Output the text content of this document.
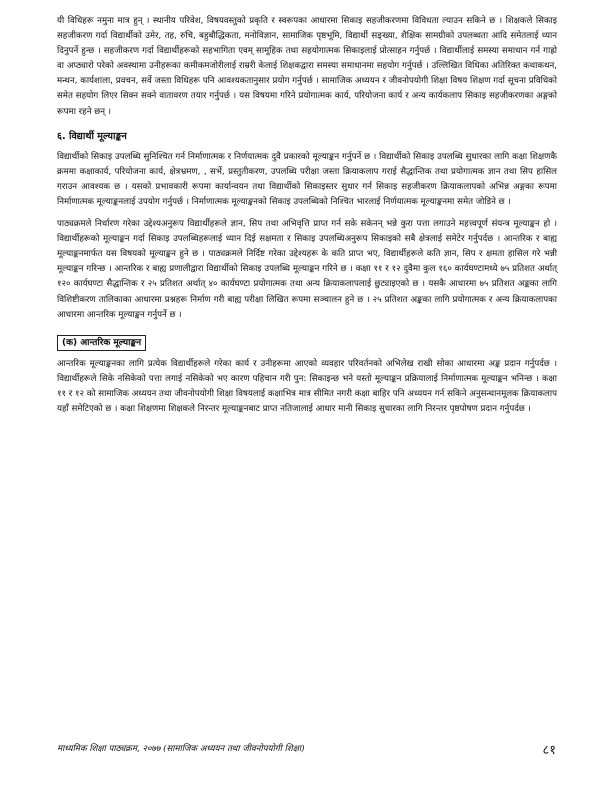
यी विधिहरू नमुना मात्र हुन् । स्थानीय परिवेश, विषयवस्तुको प्रकृति र स्वरूपका आधारमा सिकाइ सहजीकरणमा विविधता ल्याउन सकिने छ । शिक्षकले सिकाइ सहजीकरण गर्दा विद्यार्थीको उमेर, तह, रुचि, बहुबौद्धिकता, मनोविज्ञान, सामाजिक पृष्ठभूमि, विद्यार्थी सङ्ख्या, शैक्षिक सामग्रीको उपलब्धता आदि समेतलाई ध्यान दिनुपर्ने हुन्छ । सहजीकरण गर्दा विद्यार्थीहरूको सहभागिता एवम् सामूहिक तथा सहयोगात्मक सिकाइलाई प्रोत्साहन गर्नुपर्छ । विद्यार्थीलाई समस्या समाधान गर्न गाह्रो वा अप्ठ्यारो परेको अवस्थामा उनीहरूका कमीकमजोरीलाई राम्ररी केलाई शिक्षकद्वारा समस्या समाधानमा सहयोग गर्नुपर्छ । उल्लिखित विधिका अतिरिक्त कथाकथन, मन्थन, कार्यशाला, प्रवचन, सर्वे जस्ता विधिहरू पनि आवश्यकतानुसार प्रयोग गर्नुपर्छ । सामाजिक अध्ययन र जीवनोपयोगी शिक्षा विषय शिक्षण गर्दा सूचना प्रविधिको समेत सहयोग लिएर सिक्न सक्ने वातावरण तयार गर्नुपर्छ । यस विषयमा गरिने प्रयोगात्मक कार्य, परियोजना कार्य र अन्य कार्यकलाप सिकाइ सहजीकरणका अङ्गको रूपमा रहने छन् ।

६. विद्यार्थी मूल्याङ्कन

विद्यार्थीको सिकाइ उपलब्धि सुनिश्चित गर्न निर्माणात्मक र निर्णयात्मक दुवै प्रकारको मूल्याङ्कन गर्नुपर्ने छ । विद्यार्थीको सिकाइ उपलब्धि सुधारका लागि कक्षा शिक्षणकै क्रममा कक्षाकार्य, परियोजना कार्य, क्षेत्रभ्रमण, , सर्भे, प्रस्तुतीकरण, उपलब्धि परीक्षा जस्ता क्रियाकलाप गराई सैद्धान्तिक तथा प्रयोगात्मक ज्ञान तथा सिप हासिल गराउन आवश्यक छ । यसको प्रभावकारी रूपमा कार्यान्वयन तथा विद्यार्थीको सिकाइस्तर सुधार गर्न सिकाइ सहजीकरण क्रियाकलापको अभिन्न अङ्गका रूपमा निर्माणात्मक मूल्याङ्कनलाई उपयोग गर्नुपर्छ । निर्माणात्मक मूल्याङ्कनको सिकाइ उपलब्धिको निश्चित भारलाई निर्णयात्मक मूल्याङ्कनमा समेत जोडिने छ ।

पाठ्यक्रमले निर्धारण गरेका उद्देश्यअनुरूप विद्यार्थीहरूले ज्ञान, सिप तथा अभिवृत्ति प्राप्त गर्न सके सकेनन् भन्ने कुरा पत्ता लगाउने महत्त्वपूर्ण संयन्त्र मूल्याङ्कन हो । विद्यार्थीहरूको मूल्याङ्कन गर्दा सिकाइ उपलब्धिहरूलाई ध्यान दिई सक्षमता र सिकाइ उपलब्धिअनुरूप सिकाइको सबै क्षेत्रलाई समेटेर गर्नुपर्दछ । आन्तरिक र बाह्य मूल्याङ्कनमार्फत यस विषयको मूल्याङ्कन हुने छ । पाठ्यक्रमले निर्दिष्ट गरेका उद्देश्यहरू के कति प्राप्त भए, विद्यार्थीहरूले कति ज्ञान, सिप र क्षमता हासिल गरे भन्नी मूल्याङ्कन गरिन्छ । आन्तरिक र बाह्य प्रणालीद्वारा विद्यार्थीको सिकाइ उपलब्धि मूल्याङ्कन गरिने छ । कक्षा ११ र १२ दुवैमा कुल १६० कार्यघण्टामध्ये ७५ प्रतिशत अर्थात् १२० कार्यघण्टा सैद्धान्तिक र २५ प्रतिशत अर्थात् ४० कार्यघण्टा प्रयोगात्मक तथा अन्य क्रियाकलापलाई छुट्याइएको छ । यसकै आधारमा ७५ प्रतिशत अङ्कका लागि विशिष्टीकरण तालिकाका आधारमा प्रश्नहरू निर्माण गरी बाह्य परीक्षा लिखित रूपमा सञ्चालन हुने छ । २५ प्रतिशत अङ्कका लागि प्रयोगात्मक र अन्य क्रियाकलापका आधारमा आन्तरिक मूल्याङ्कन गर्नुपर्ने छ ।

(क) आन्तरिक मूल्याङ्कन

आन्तरिक मूल्याङ्कनका लागि प्रत्येक विद्यार्थीहरूले गरेका कार्य र उनीहरूमा आएको व्यवहार परिवर्तनको अभिलेख राखी सोका आधारमा अङ्क प्रदान गर्नुपर्दछ । विद्यार्थीहरूले सिके नसिकेको पत्ता लगाई नसिकेको भए कारण पहिचान गरी पुन: सिकाइन्छ भने यस्तो मूल्याङ्कन प्रक्रियालाई निर्माणात्मक मूल्याङ्कन भनिन्छ । कक्षा ११ र १२ को सामाजिक अध्ययन तथा जीवनोपयोगी शिक्षा विषयलाई कक्षाभित्र मात्र सीमित नगरी कक्षा बाहिर पनि अध्ययन गर्न सकिने अनुसन्धानमूलक क्रियाकलाप यहाँ समेटिएको छ । कक्षा शिक्षणमा शिक्षकले निरन्तर मूल्याङ्कनबाट प्राप्त नतिजालाई आधार मानी सिकाइ सुधारका लागि निरन्तर पृष्ठपोषण प्रदान गर्नुपर्दछ ।

माध्यमिक शिक्षा पाठ्यक्रम, २०७७ (सामाजिक अध्ययन तथा जीवनोपयोगी शिक्षा)	८१
